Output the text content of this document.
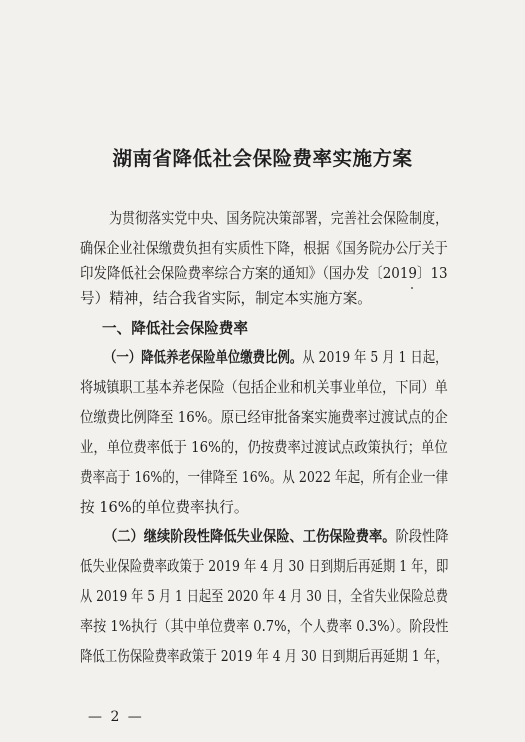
湖南省降低社会保险费率实施方案
为贯彻落实党中央、国务院决策部署，完善社会保险制度，
确保企业社保缴费负担有实质性下降，根据《国务院办公厅关于
印发降低社会保险费率综合方案的通知》（国办发〔2019〕13
号）精神，结合我省实际，制定本实施方案。
一、降低社会保险费率
（一）降低养老保险单位缴费比例。从 2019 年 5 月 1 日起，
将城镇职工基本养老保险（包括企业和机关事业单位，下同）单
位缴费比例降至 16%。原已经审批备案实施费率过渡试点的企
业，单位费率低于 16%的，仍按费率过渡试点政策执行；单位
费率高于 16%的，一律降至 16%。从 2022 年起，所有企业一律
按 16%的单位费率执行。
（二）继续阶段性降低失业保险、工伤保险费率。阶段性降
低失业保险费率政策于 2019 年 4 月 30 日到期后再延期 1 年，即
从 2019 年 5 月 1 日起至 2020 年 4 月 30 日，全省失业保险总费
率按 1%执行（其中单位费率 0.7%，个人费率 0.3%）。阶段性
降低工伤保险费率政策于 2019 年 4 月 30 日到期后再延期 1 年，
— 2 —
